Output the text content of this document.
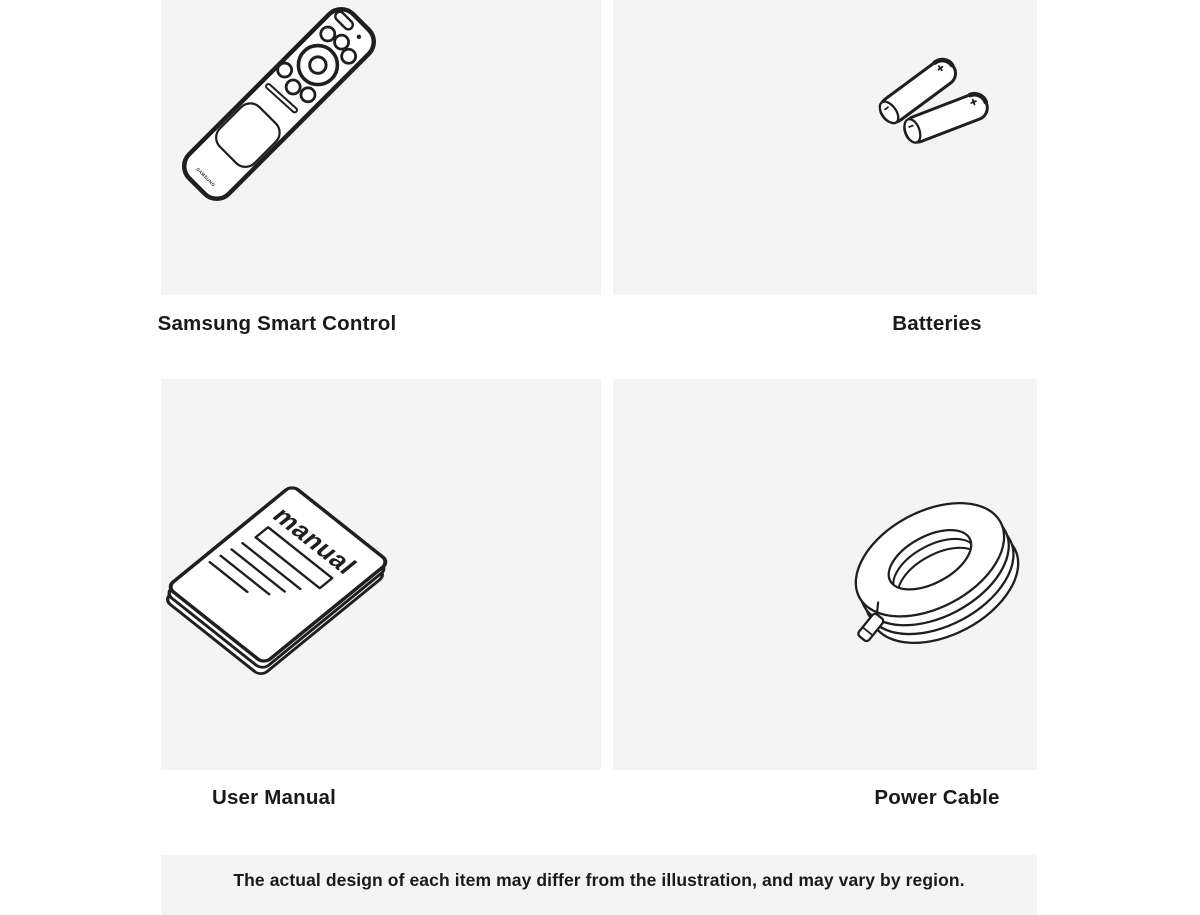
SAMSUNG
manual
Samsung Smart Control	Batteries
User Manual	Power Cable
The actual design of each item may differ from the illustration, and may vary by region.
